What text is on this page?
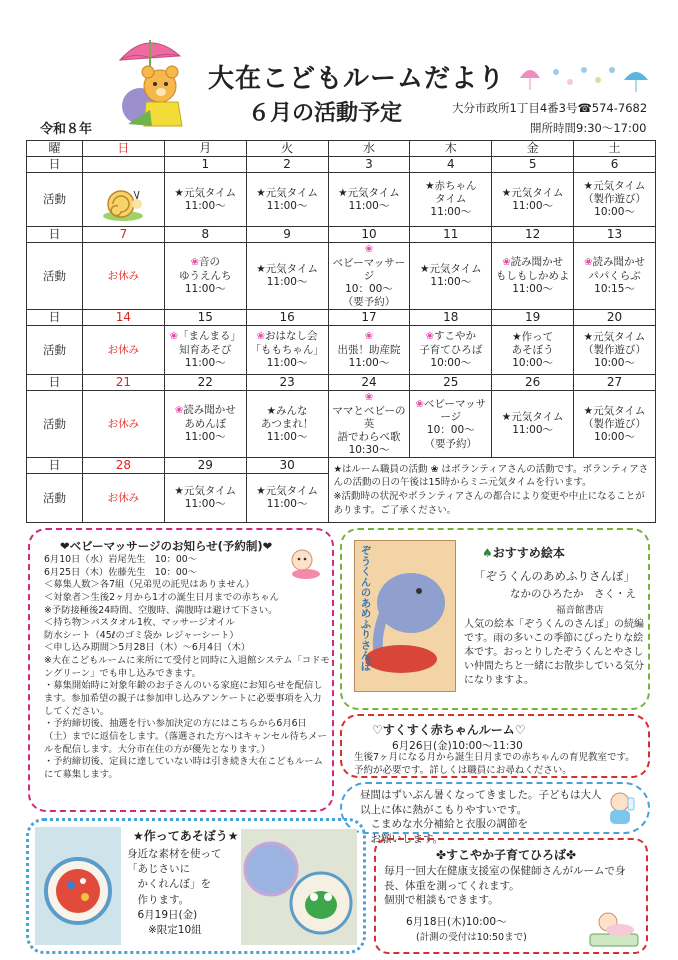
大在こどもルームだより
６月の活動予定
令和８年
大分市政所1丁目4番3号☎574-7682
開所時間9:30～17:00
曜	日	月	火	水	木	金	土
日		1	2	3	4	5	6
活動		★元気タイム
11:00～	★元気タイム
11:00～	★元気タイム
11:00～	★赤ちゃん
タイム
11:00～	★元気タイム
11:00～	★元気タイム
（製作遊び）
10:00～
日	7	8	9	10	11	12	13
活動	お休み	❀音の
ゆうえんち
11:00～	★元気タイム
11:00～	❀
ベビーマッサージ
10：00～
（要予約）	★元気タイム
11:00～	❀読み聞かせ
もしもしかめよ
11:00～	❀読み聞かせ
パパくらぶ
10:15～
日	14	15	16	17	18	19	20
活動	お休み	❀「まんまる」
知育あそび
11:00～	❀おはなし会
「ももちゃん」
11:00～	❀
出張！助産院
11:00～	❀すこやか
子育てひろば
10:00～	★作って
あそぼう
10:00～	★元気タイム
（製作遊び）
10:00～
日	21	22	23	24	25	26	27
活動	お休み	❀読み聞かせ
あめんぼ
11:00～	★みんな
あつまれ！
11:00～	❀
ママとベビーの英
語でわらべ歌
10:30～	❀ベビーマッサージ
10：00～
（要予約）	★元気タイム
11:00～	★元気タイム
（製作遊び）
10:00～
日	28	29	30	★はルーム職員の活動 ❀ はボランティアさんの活動です。ボランティアさんの活動の日の午後は15時からミニ元気タイムを行います。
※活動時の状況やボランティアさんの都合により変更や中止になることがあります。ご了承ください。			

活動	お休み	★元気タイム
11:00～	★元気タイム
11:00～				
❤ベビーマッサージのお知らせ(予約制)❤
6月10日（水）岩尾先生　10：00～
6月25日（木）佐藤先生　10：00～
＜募集人数＞各7組（兄弟児の託児はありません）
＜対象者＞生後2ヶ月から1才の誕生日月までの赤ちゃん
※予防接種後24時間、空腹時、満腹時は避けて下さい。
＜持ち物＞バスタオル1枚、マッサージオイル
防水シート（45ℓのゴミ袋か レジャーシート）
＜申し込み期間＞5月28日（木）～6月4日（木）
※大在こどもルームに来所にて受付と同時に入退館システム「コドモングリーン」でも申し込みできます。
・募集開始時に対象年齢のお子さんのいる家庭にお知らせを配信します。参加希望の親子は参加申し込みアンケートに必要事項を入力してください。
・予約締切後、抽選を行い参加決定の方にはこちらから6月6日（土）までに返信をします。（落選された方へはキャンセル待ちメールを配信します。大分市在住の方が優先となります。）
・予約締切後、定員に達していない時は引き続き大在こどもルームにて募集します。
ぞうくんのあめふりさんぽ
♠おすすめ絵本
「ぞうくんのあめふりさんぽ」
なかのひろたか　さく・え
福音館書店
人気の絵本「ぞうくんのさんぽ」の続編です。雨の多いこの季節にぴったりな絵本です。おっとりしたぞうくんとやさしい仲間たちと一緒にお散歩している気分になりますよ。
♡すくすく赤ちゃんルーム♡
6月26日(金)10:00～11:30
生後7ヶ月になる月から誕生日月までの赤ちゃんの育児教室です。
予約が必要です。詳しくは職員にお尋ねください。
昼間はずいぶん暑くなってきました。子どもは大人
以上に体に熱がこもりやすいです。
　こまめな水分補給と衣服の調節を
　お願いします。
★作ってあそぼう★
身近な素材を使って
「あじさいに
　かくれんぼ」を
　作ります。
　6月19日(金)
　　※限定10組
✤すこやか子育てひろば✤
毎月一回大在健康支援室の保健師さんがルームで身長、体重を測ってくれます。
個別で相談もできます。
6月18日(木)10:00～
(計測の受付は10:50まで)
